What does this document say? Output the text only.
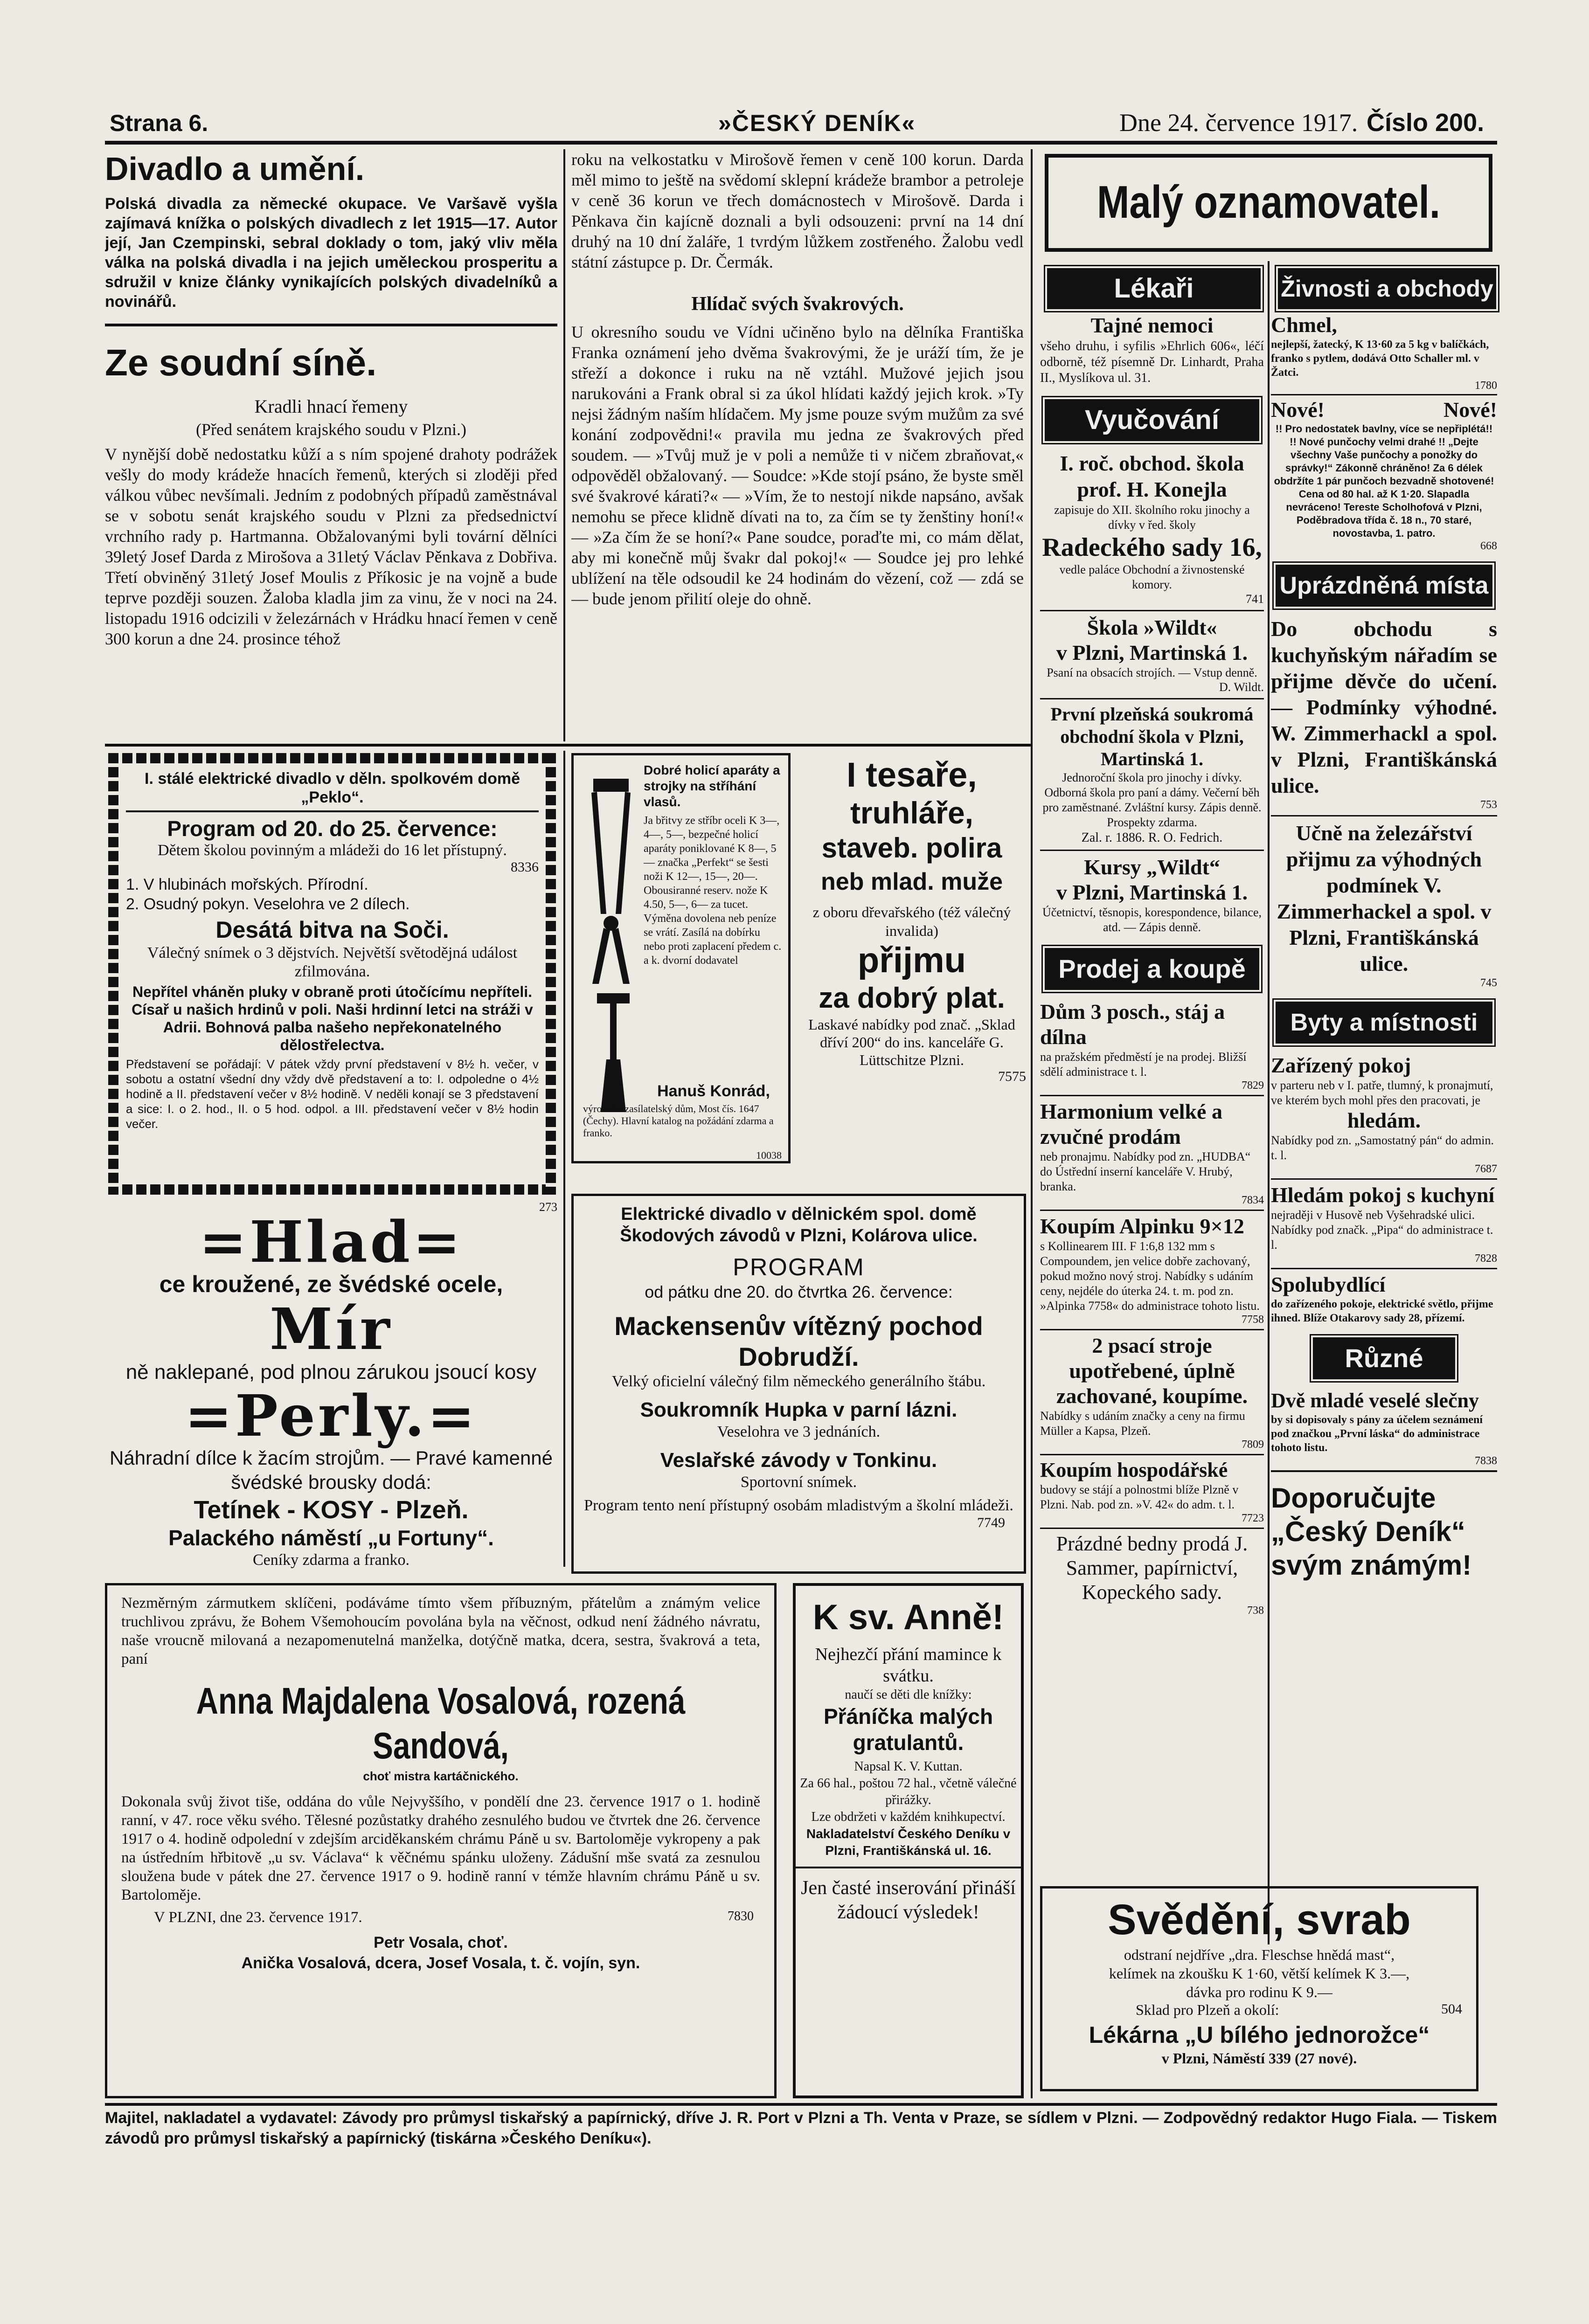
Strana 6.	»ČESKÝ DENÍK«	Dne 24. července 1917. Číslo 200.
Divadlo a umění.
Polská divadla za německé okupace. Ve Varšavě vyšla zajímavá knížka o polských divadlech z let 1915—17. Autor její, Jan Czempinski, sebral doklady o tom, jaký vliv měla válka na polská divadla i na jejich uměleckou prosperitu a sdružil v knize články vynikajících polských divadelníků a novinářů.
Ze soudní síně.
Kradli hnací řemeny
(Před senátem krajského soudu v Plzni.)
V nynější době nedostatku kůží a s ním spojené drahoty podrážek vešly do mody krádeže hnacích řemenů, kterých si zloději před válkou vůbec nevšímali. Jedním z podobných případů zaměstnával se v sobotu senát krajského soudu v Plzni za předsednictví vrchního rady p. Hartmanna. Obžalovanými byli tovární dělníci 39letý Josef Darda z Mirošova a 31letý Václav Pěnkava z Dobřiva. Třetí obviněný 31letý Josef Moulis z Příkosic je na vojně a bude teprve později souzen. Žaloba kladla jim za vinu, že v noci na 24. listopadu 1916 odcizili v železárnách v Hrádku hnací řemen v ceně 300 korun a dne 24. prosince téhož
roku na velkostatku v Mirošově řemen v ceně 100 korun. Darda měl mimo to ještě na svědomí sklepní krádeže brambor a petroleje v ceně 36 korun ve třech domácnostech v Mirošově. Darda i Pěnkava čin kajícně doznali a byli odsouzeni: první na 14 dní druhý na 10 dní žaláře, 1 tvrdým lůžkem zostřeného. Žalobu vedl státní zástupce p. Dr. Čermák.
Hlídač svých švakrových.
U okresního soudu ve Vídni učiněno bylo na dělníka Františka Franka oznámení jeho dvěma švakrovými, že je uráží tím, že je střeží a dokonce i ruku na ně vztáhl. Mužové jejich jsou narukováni a Frank obral si za úkol hlídati každý jejich krok. »Ty nejsi žádným naším hlídačem. My jsme pouze svým mužům za své konání zodpovědni!« pravila mu jedna ze švakrových před soudem. — »Tvůj muž je v poli a nemůže ti v ničem zbraňovat,« odpověděl obžalovaný. — Soudce: »Kde stojí psáno, že byste směl své švakrové kárati?« — »Vím, že to nestojí nikde napsáno, avšak nemohu se přece klidně dívati na to, za čím se ty ženštiny honí!« — »Za čím že se honí?« Pane soudce, poraďte mi, co mám dělat, aby mi konečně můj švakr dal pokoj!« — Soudce jej pro lehké ublížení na těle odsoudil ke 24 hodinám do vězení, což — zdá se — bude jenom přilití oleje do ohně.
I. stálé elektrické divadlo v děln. spolkovém domě „Peklo“.
Program od 20. do 25. července:
Dětem školou povinným a mládeži do 16 let přístupný.
8336
1. V hlubinách mořských. Přírodní.
2. Osudný pokyn. Veselohra ve 2 dílech.
Desátá bitva na Soči.
Válečný snímek o 3 dějstvích. Největší světodějná událost zfilmována.
Nepřítel vháněn pluky v obraně proti útočícímu nepříteli. Císař u našich hrdinů v poli. Naši hrdinní letci na stráži v Adrii. Bohnová palba našeho nepřekonatelného dělostřelectva.
Představení se pořádají: V pátek vždy první představení v 8½ h. večer, v sobotu a ostatní všední dny vždy dvě představení a to: I. odpoledne o 4½ hodině a II. představení večer v 8½ hodině. V neděli konají se 3 představení a sice: I. o 2. hod., II. o 5 hod. odpol. a III. představení večer v 8½ hodin večer.
273
=Hlad=
ce kroužené, ze švédské ocele,
Mír
ně naklepané, pod plnou zárukou jsoucí kosy
=Perly.=
Náhradní dílce k žacím strojům. — Pravé kamenné švédské brousky dodá:
Tetínek - KOSY - Plzeň.
Palackého náměstí „u Fortuny“.
Ceníky zdarma a franko.
Dobré holicí aparáty a strojky na stříhání vlasů.
Ja břitvy ze stříbr oceli K 3—, 4—, 5—, bezpečné holicí aparáty poniklované K 8—, 5— značka „Perfekt“ se šesti noži K 12—, 15—, 20—. Obousiranné reserv. nože K 4.50, 5—, 6— za tucet. Výměna dovolena neb peníze se vrátí. Zasílá na dobírku nebo proti zaplacení předem c. a k. dvorní dodavatel
Hanuš Konrád,
výrobní a zasílatelský dům, Most čís. 1647 (Čechy). Hlavní katalog na požádání zdarma a franko.
10038
I tesaře,
truhláře,
staveb. polira
neb mlad. muže
z oboru dřevařského (též válečný invalida)
přijmu
za dobrý plat.
Laskavé nabídky pod znač. „Sklad dříví 200“ do ins. kanceláře G. Lüttschitze Plzni.
7575
Elektrické divadlo v dělnickém spol. domě Škodových závodů v Plzni, Kolárova ulice.
PROGRAM
od pátku dne 20. do čtvrtka 26. července:
Mackensenův vítězný pochod Dobrudží.
Velký oficielní válečný film německého generálního štábu.
Soukromník Hupka v parní lázni.
Veselohra ve 3 jednáních.
Veslařské závody v Tonkinu.
Sportovní snímek.
Program tento není přístupný osobám mladistvým a školní mládeži.
7749
Nezměrným zármutkem sklíčeni, podáváme tímto všem příbuzným, přátelům a známým velice truchlivou zprávu, že Bohem Všemohoucím povolána byla na věčnost, odkud není žádného návratu, naše vroucně milovaná a nezapomenutelná manželka, dotýčně matka, dcera, sestra, švakrová a teta, paní
Anna Majdalena Vosalová, rozená Sandová,
choť mistra kartáčnického.
Dokonala svůj život tiše, oddána do vůle Nejvyššího, v pondělí dne 23. července 1917 o 1. hodině ranní, v 47. roce věku svého. Tělesné pozůstatky drahého zesnulého budou ve čtvrtek dne 26. července 1917 o 4. hodině odpolední v zdejším arciděkanském chrámu Páně u sv. Bartoloměje vykropeny a pak na ústředním hřbitově „u sv. Václava“ k věčnému spánku uloženy. Zádušní mše svatá za zesnulou sloužena bude v pátek dne 27. července 1917 o 9. hodině ranní v témže hlavním chrámu Páně u sv. Bartoloměje.
V PLZNI, dne 23. července 1917.	7830
Petr Vosala, choť.
Anička Vosalová, dcera, Josef Vosala, t. č. vojín, syn.
K sv. Anně!
Nejhezčí přání mamince k svátku.
naučí se děti dle knížky:
Přáníčka malých gratulantů.
Napsal K. V. Kuttan.
Za 66 hal., poštou 72 hal., včetně válečné přirážky.
Lze obdržeti v každém knihkupectví.
Nakladatelství Českého Deníku v Plzni, Františkánská ul. 16.
Jen časté inserování přináší žádoucí výsledek!
Malý oznamovatel.
Lékaři
Tajné nemoci
všeho druhu, i syfilis »Ehrlich 606«, léčí odborně, též písemně Dr. Linhardt, Praha II., Myslíkova ul. 31.
Vyučování
I. roč. obchod. škola prof. H. Konejla
zapisuje do XII. školního roku jinochy a dívky v řed. školy
Radeckého sady 16,
vedle paláce Obchodní a živnostenské komory.
741
Škola »Wildt«
v Plzni, Martinská 1.
Psaní na obsacích strojích. — Vstup denně.
D. Wildt.
První plzeňská soukromá obchodní škola v Plzni, Martinská 1.
Jednoroční škola pro jinochy i dívky. Odborná škola pro paní a dámy. Večerní běh pro zaměstnané. Zvláštní kursy. Zápis denně. Prospekty zdarma.
Zal. r. 1886. R. O. Fedrich.
Kursy „Wildt“
v Plzni, Martinská 1.
Účetnictví, těsnopis, korespondence, bilance, atd. — Zápis denně.
Prodej a koupě
Dům 3 posch., stáj a dílna
na pražském předměstí je na prodej. Bližší sdělí administrace t. l.
7829
Harmonium velké a zvučné prodám
neb pronajmu. Nabídky pod zn. „HUDBA“ do Ústřední inserní kanceláře V. Hrubý, branka.
7834
Koupím Alpinku 9×12
s Kollinearem III. F 1:6,8 132 mm s Compoundem, jen velice dobře zachovaný, pokud možno nový stroj. Nabídky s udáním ceny, nejdéle do úterka 24. t. m. pod zn. »Alpinka 7758« do administrace tohoto listu.
7758
2 psací stroje upotřebené, úplně zachované, koupíme.
Nabídky s udáním značky a ceny na firmu Müller a Kapsa, Plzeň.
7809
Koupím hospodářské
budovy se stájí a polnostmi blíže Plzně v Plzni. Nab. pod zn. »V. 42« do adm. t. l.
7723
Prázdné bedny prodá J. Sammer, papírnictví, Kopeckého sady.
738
Živnosti a obchody
Chmel,
nejlepší, žatecký, K 13·60 za 5 kg v balíčkách, franko s pytlem, dodává Otto Schaller ml. v Žatci.
1780
Nové!	Nové!
!! Pro nedostatek bavlny, více se nepřiplétá!! !! Nové punčochy velmi drahé !! „Dejte všechny Vaše punčochy a ponožky do správky!“ Zákonně chráněno! Za 6 délek obdržíte 1 pár punčoch bezvadně shotovené! Cena od 80 hal. až K 1·20. Slapadla nevráceno! Tereste Scholhofová v Plzni, Poděbradova třída č. 18 n., 70 staré, novostavba, 1. patro.
668
Uprázdněná místa
Do obchodu s kuchyňským nářadím se přijme děvče do učení. — Podmínky výhodné. W. Zimmerhackl a spol. v Plzni, Františkánská ulice.
753
Učně na železářství přijmu za výhodných podmínek V. Zimmerhackel a spol. v Plzni, Františkánská ulice.
745
Byty a místnosti
Zařízený pokoj
v parteru neb v I. patře, tlumný, k pronajmutí, ve kterém bych mohl přes den pracovati, je
hledám.
Nabídky pod zn. „Samostatný pán“ do admin. t. l.
7687
Hledám pokoj s kuchyní
nejraději v Husově neb Vyšehradské ulici. Nabídky pod značk. „Pipa“ do administrace t. l.
7828
Spolubydlící
do zařízeného pokoje, elektrické světlo, přijme ihned. Blíže Otakarovy sady 28, přízemí.
Různé
Dvě mladé veselé slečny
by si dopisovaly s pány za účelem seznámení pod značkou „První láska“ do administrace tohoto listu.
7838
Doporučujte
„Český Deník“
svým známým!
Svědění, svrab
odstraní nejdříve „dra. Fleschse hnědá mast“,
kelímek na zkoušku K 1·60, větší kelímek K 3.—,
dávka pro rodinu K 9.—
Sklad pro Plzeň a okolí:	504
Lékárna „U bílého jednorožce“
v Plzni, Náměstí 339 (27 nové).
Majitel, nakladatel a vydavatel: Závody pro průmysl tiskařský a papírnický, dříve J. R. Port v Plzni a Th. Venta v Praze, se sídlem v Plzni. — Zodpovědný redaktor Hugo Fiala. — Tiskem závodů pro průmysl tiskařský a papírnický (tiskárna »Českého Deníku«).
